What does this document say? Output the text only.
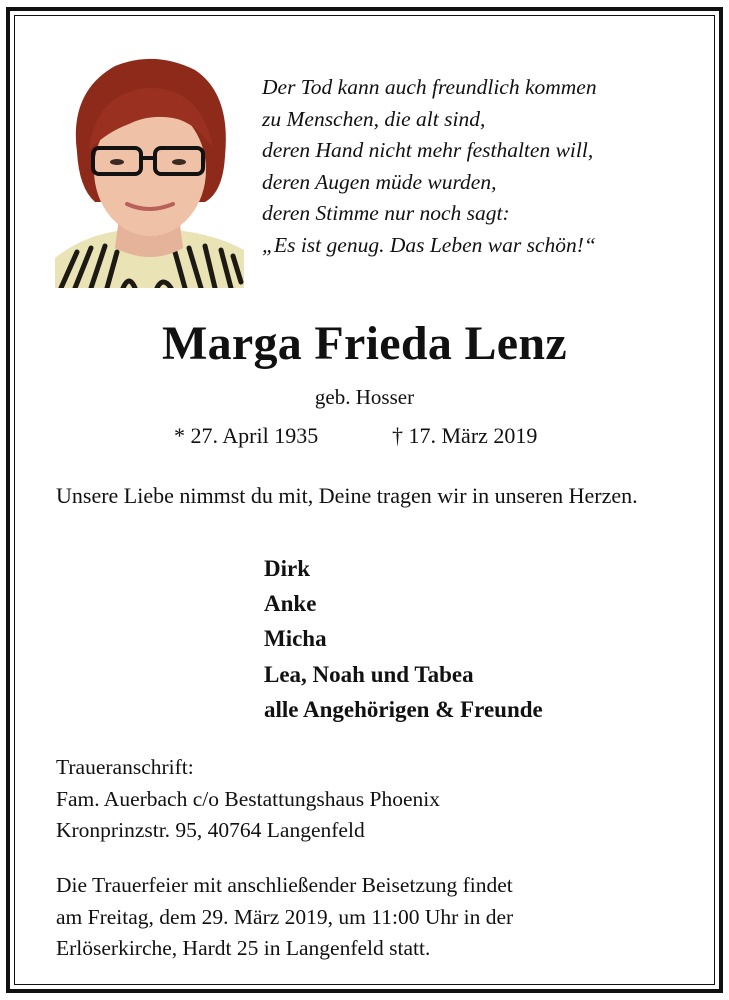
Der Tod kann auch freundlich kommen
zu Menschen, die alt sind,
deren Hand nicht mehr festhalten will,
deren Augen müde wurden,
deren Stimme nur noch sagt:
„Es ist genug. Das Leben war schön!“
Marga Frieda Lenz
geb. Hosser
* 27. April 1935	† 17. März 2019

Unsere Liebe nimmst du mit, Deine tragen wir in unseren Herzen.

Dirk
Anke
Micha
Lea, Noah und Tabea
alle Angehörigen & Freunde
Traueranschrift:
Fam. Auerbach c/o Bestattungshaus Phoenix
Kronprinzstr. 95, 40764 Langenfeld
Die Trauerfeier mit anschließender Beisetzung findet
am Freitag, dem 29. März 2019, um 11:00 Uhr in der
Erlöserkirche, Hardt 25 in Langenfeld statt.
